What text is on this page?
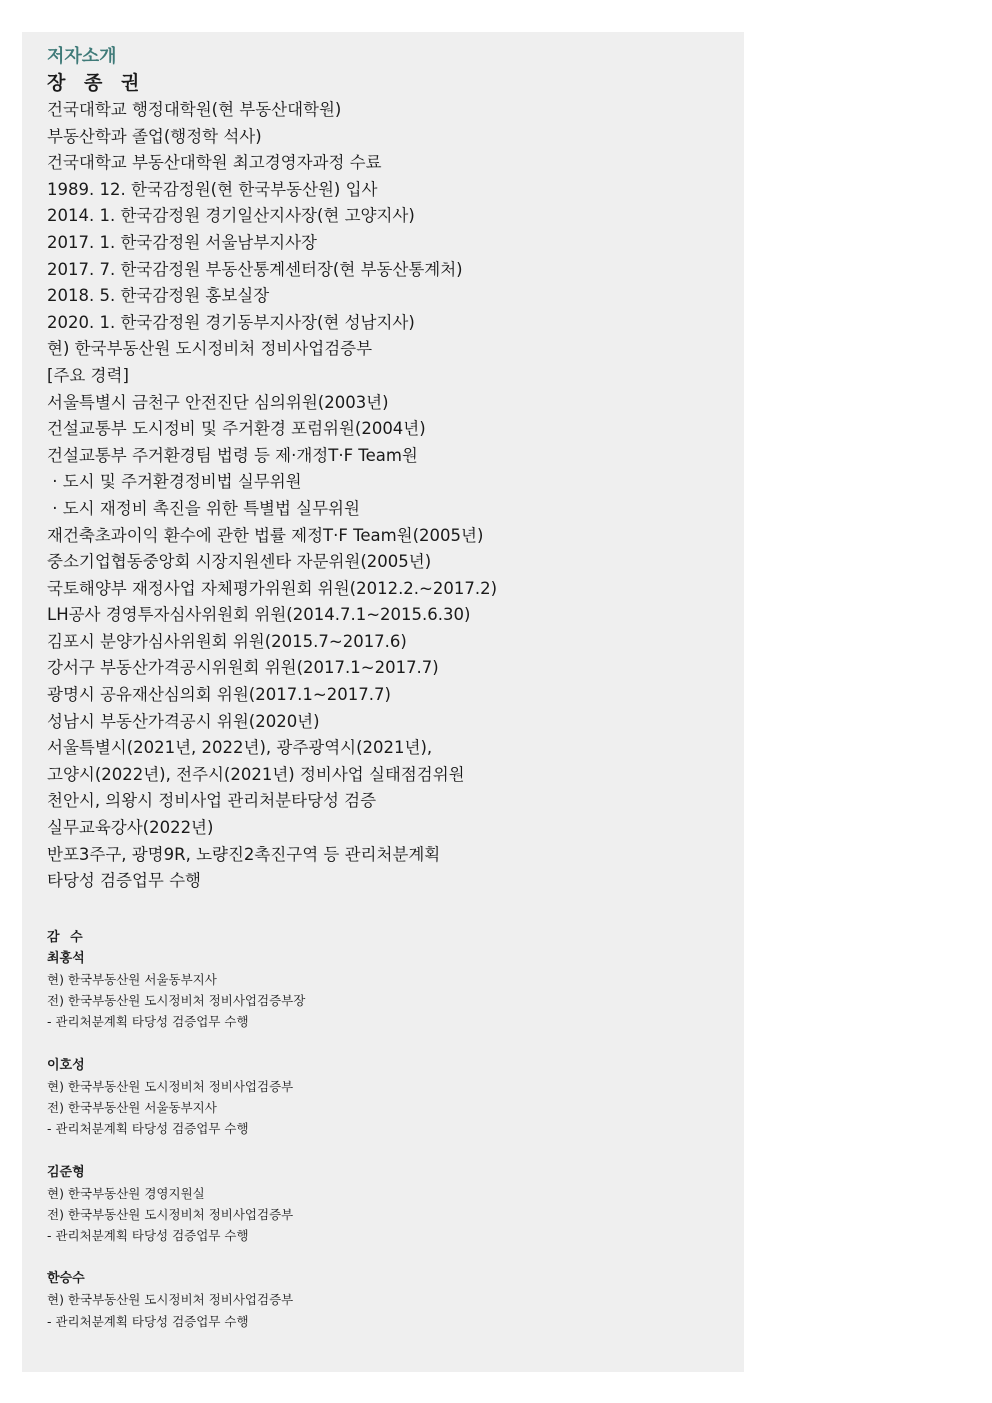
저자소개
장 종 권
건국대학교 행정대학원(현 부동산대학원)
부동산학과 졸업(행정학 석사)
건국대학교 부동산대학원 최고경영자과정 수료
1989. 12. 한국감정원(현 한국부동산원) 입사
2014. 1. 한국감정원 경기일산지사장(현 고양지사)
2017. 1. 한국감정원 서울남부지사장
2017. 7. 한국감정원 부동산통계센터장(현 부동산통계처)
2018. 5. 한국감정원 홍보실장
2020. 1. 한국감정원 경기동부지사장(현 성남지사)
현) 한국부동산원 도시정비처 정비사업검증부
[주요 경력]
서울특별시 금천구 안전진단 심의위원(2003년)
건설교통부 도시정비 및 주거환경 포럼위원(2004년)
건설교통부 주거환경팀 법령 등 제·개정T·F Team원
· 도시 및 주거환경정비법 실무위원
· 도시 재정비 촉진을 위한 특별법 실무위원
재건축초과이익 환수에 관한 법률 제정T·F Team원(2005년)
중소기업협동중앙회 시장지원센타 자문위원(2005년)
국토해양부 재정사업 자체평가위원회 위원(2012.2.~2017.2)
LH공사 경영투자심사위원회 위원(2014.7.1~2015.6.30)
김포시 분양가심사위원회 위원(2015.7~2017.6)
강서구 부동산가격공시위원회 위원(2017.1~2017.7)
광명시 공유재산심의회 위원(2017.1~2017.7)
성남시 부동산가격공시 위원(2020년)
서울특별시(2021년, 2022년), 광주광역시(2021년),
고양시(2022년), 전주시(2021년) 정비사업 실태점검위원
천안시, 의왕시 정비사업 관리처분타당성 검증
실무교육강사(2022년)
반포3주구, 광명9R, 노량진2촉진구역 등 관리처분계획
타당성 검증업무 수행
감 수
최홍석
현) 한국부동산원 서울동부지사
전) 한국부동산원 도시정비처 정비사업검증부장
- 관리처분계획 타당성 검증업무 수행
이호성
현) 한국부동산원 도시정비처 정비사업검증부
전) 한국부동산원 서울동부지사
- 관리처분계획 타당성 검증업무 수행
김준형
현) 한국부동산원 경영지원실
전) 한국부동산원 도시정비처 정비사업검증부
- 관리처분계획 타당성 검증업무 수행
한승수
현) 한국부동산원 도시정비처 정비사업검증부
- 관리처분계획 타당성 검증업무 수행
